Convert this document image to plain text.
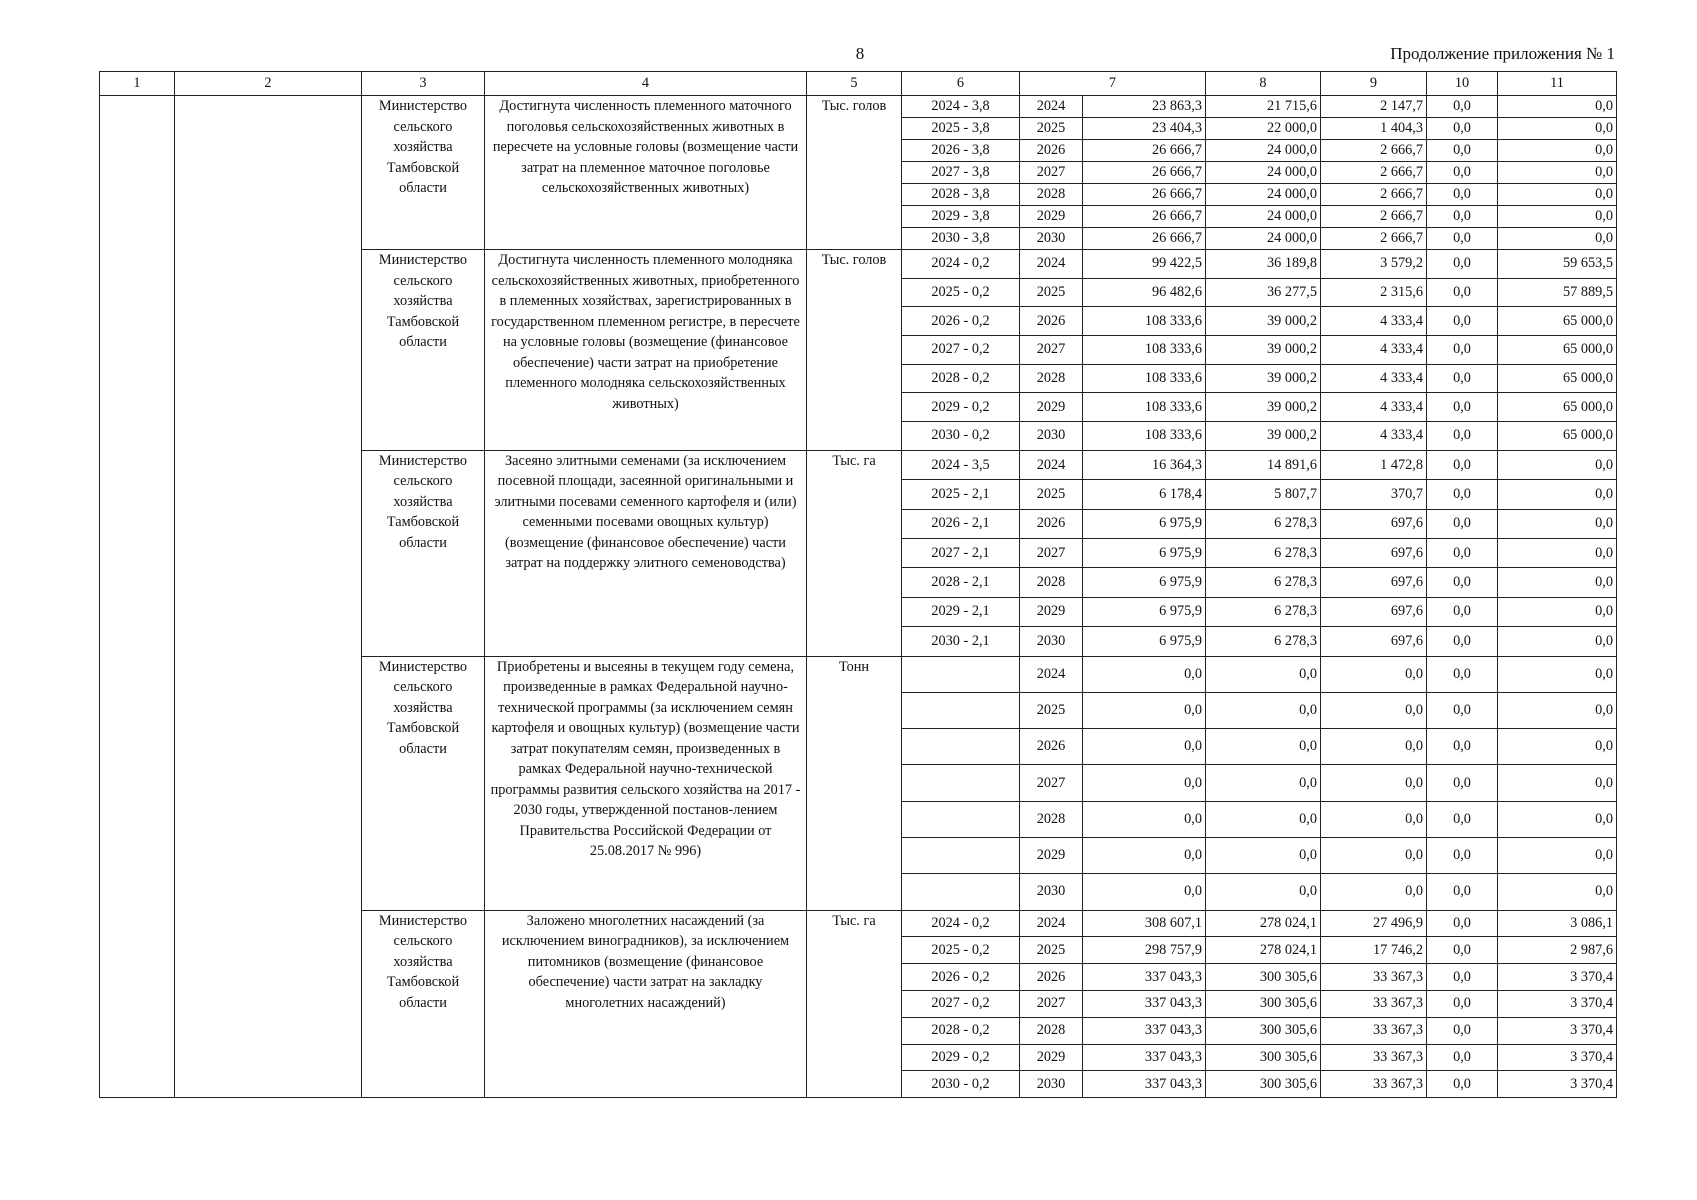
8	Продолжение приложения № 1
1	2	3	4	5	6	7		8	9	10	11
		Министерство сельского хозяйства Тамбовской области	Достигнута численность племенного маточного поголовья сельскохозяйственных животных в пересчете на условные головы (возмещение части затрат на племенное маточное поголовье сельскохозяйственных животных)	Тыс. голов	2024 - 3,8	2024	23 863,3	21 715,6	2 147,7	0,0	0,0
					2025 - 3,8	2025	23 404,3	22 000,0	1 404,3	0,0	0,0
					2026 - 3,8	2026	26 666,7	24 000,0	2 666,7	0,0	0,0
					2027 - 3,8	2027	26 666,7	24 000,0	2 666,7	0,0	0,0
					2028 - 3,8	2028	26 666,7	24 000,0	2 666,7	0,0	0,0
					2029 - 3,8	2029	26 666,7	24 000,0	2 666,7	0,0	0,0
					2030 - 3,8	2030	26 666,7	24 000,0	2 666,7	0,0	0,0
		Министерство сельского хозяйства Тамбовской области	Достигнута численность племенного молодняка сельскохозяйственных животных, приобретенного в племенных хозяйствах, зарегистрированных в государственном племенном регистре, в пересчете на условные головы (возмещение (финансовое обеспечение) части затрат на приобретение племенного молодняка сельскохозяйственных животных)	Тыс. голов	2024 - 0,2	2024	99 422,5	36 189,8	3 579,2	0,0	59 653,5
					2025 - 0,2	2025	96 482,6	36 277,5	2 315,6	0,0	57 889,5
					2026 - 0,2	2026	108 333,6	39 000,2	4 333,4	0,0	65 000,0
					2027 - 0,2	2027	108 333,6	39 000,2	4 333,4	0,0	65 000,0
					2028 - 0,2	2028	108 333,6	39 000,2	4 333,4	0,0	65 000,0
					2029 - 0,2	2029	108 333,6	39 000,2	4 333,4	0,0	65 000,0
					2030 - 0,2	2030	108 333,6	39 000,2	4 333,4	0,0	65 000,0
		Министерство сельского хозяйства Тамбовской области	Засеяно элитными семенами (за исключением посевной площади, засеянной оригинальными и элитными посевами семенного картофеля и (или) семенными посевами овощных культур) (возмещение (финансовое обеспечение) части затрат на поддержку элитного семеноводства)	Тыс. га	2024 - 3,5	2024	16 364,3	14 891,6	1 472,8	0,0	0,0
					2025 - 2,1	2025	6 178,4	5 807,7	370,7	0,0	0,0
					2026 - 2,1	2026	6 975,9	6 278,3	697,6	0,0	0,0
					2027 - 2,1	2027	6 975,9	6 278,3	697,6	0,0	0,0
					2028 - 2,1	2028	6 975,9	6 278,3	697,6	0,0	0,0
					2029 - 2,1	2029	6 975,9	6 278,3	697,6	0,0	0,0
					2030 - 2,1	2030	6 975,9	6 278,3	697,6	0,0	0,0
		Министерство сельского хозяйства Тамбовской области	Приобретены и высеяны в текущем году семена, произведенные в рамках Федеральной научно-технической программы (за исключением семян картофеля и овощных культур) (возмещение части затрат покупателям семян, произведенных в рамках Федеральной научно-технической программы развития сельского хозяйства на 2017 - 2030 годы, утвержденной постанов-лением Правительства Российской Федерации от 25.08.2017 № 996)	Тонн		2024	0,0	0,0	0,0	0,0	0,0
						2025	0,0	0,0	0,0	0,0	0,0
						2026	0,0	0,0	0,0	0,0	0,0
						2027	0,0	0,0	0,0	0,0	0,0
						2028	0,0	0,0	0,0	0,0	0,0
						2029	0,0	0,0	0,0	0,0	0,0
						2030	0,0	0,0	0,0	0,0	0,0
		Министерство сельского хозяйства Тамбовской области	Заложено многолетних насаждений (за исключением виноградников), за исключением питомников (возмещение (финансовое обеспечение) части затрат на закладку многолетних насаждений)	Тыс. га	2024 - 0,2	2024	308 607,1	278 024,1	27 496,9	0,0	3 086,1
					2025 - 0,2	2025	298 757,9	278 024,1	17 746,2	0,0	2 987,6
					2026 - 0,2	2026	337 043,3	300 305,6	33 367,3	0,0	3 370,4
					2027 - 0,2	2027	337 043,3	300 305,6	33 367,3	0,0	3 370,4
					2028 - 0,2	2028	337 043,3	300 305,6	33 367,3	0,0	3 370,4
					2029 - 0,2	2029	337 043,3	300 305,6	33 367,3	0,0	3 370,4
					2030 - 0,2	2030	337 043,3	300 305,6	33 367,3	0,0	3 370,4
